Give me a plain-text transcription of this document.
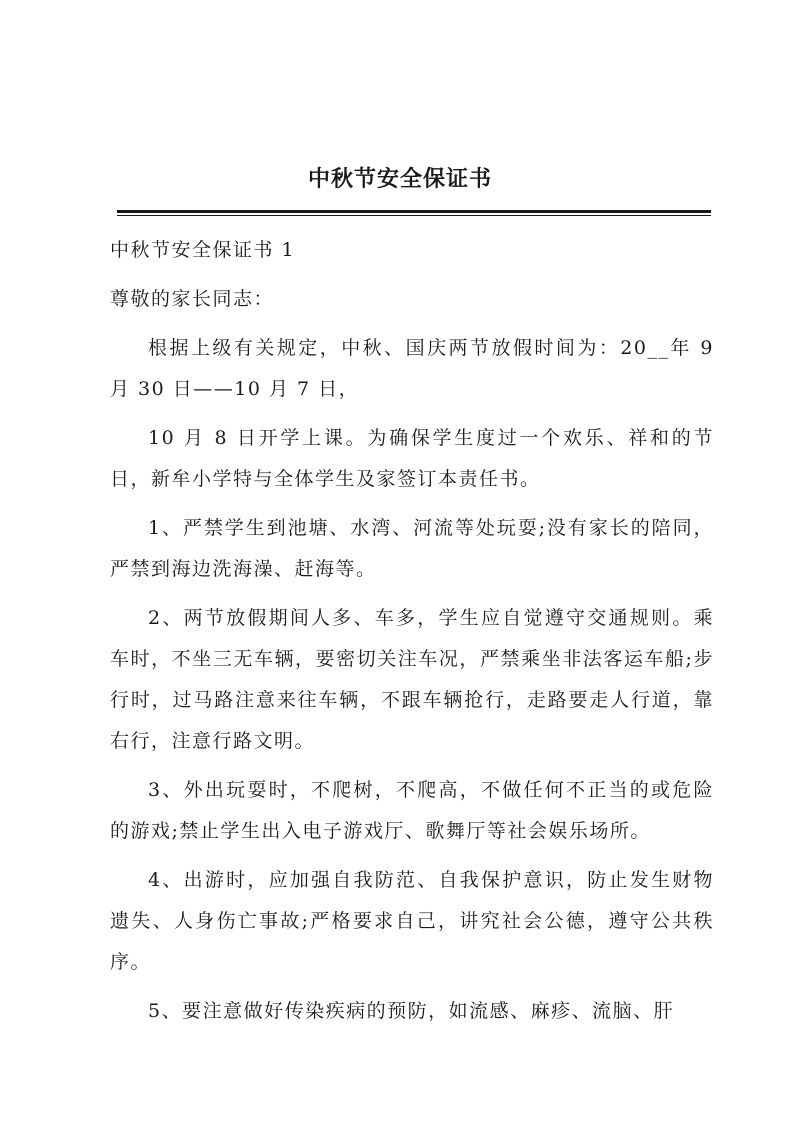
中秋节安全保证书

中秋节安全保证书 1

尊敬的家长同志：

根据上级有关规定，中秋、国庆两节放假时间为：20__年 9 月 30 日——10 月 7 日，

10 月 8 日开学上课。为确保学生度过一个欢乐、祥和的节日，新牟小学特与全体学生及家签订本责任书。

1、严禁学生到池塘、水湾、河流等处玩耍;没有家长的陪同，严禁到海边洗海澡、赶海等。

2、两节放假期间人多、车多，学生应自觉遵守交通规则。乘车时，不坐三无车辆，要密切关注车况，严禁乘坐非法客运车船;步行时，过马路注意来往车辆，不跟车辆抢行，走路要走人行道，靠右行，注意行路文明。

3、外出玩耍时，不爬树，不爬高，不做任何不正当的或危险的游戏;禁止学生出入电子游戏厅、歌舞厅等社会娱乐场所。

4、出游时，应加强自我防范、自我保护意识，防止发生财物遗失、人身伤亡事故;严格要求自己，讲究社会公德，遵守公共秩序。

5、要注意做好传染疾病的预防，如流感、麻疹、流脑、肝
